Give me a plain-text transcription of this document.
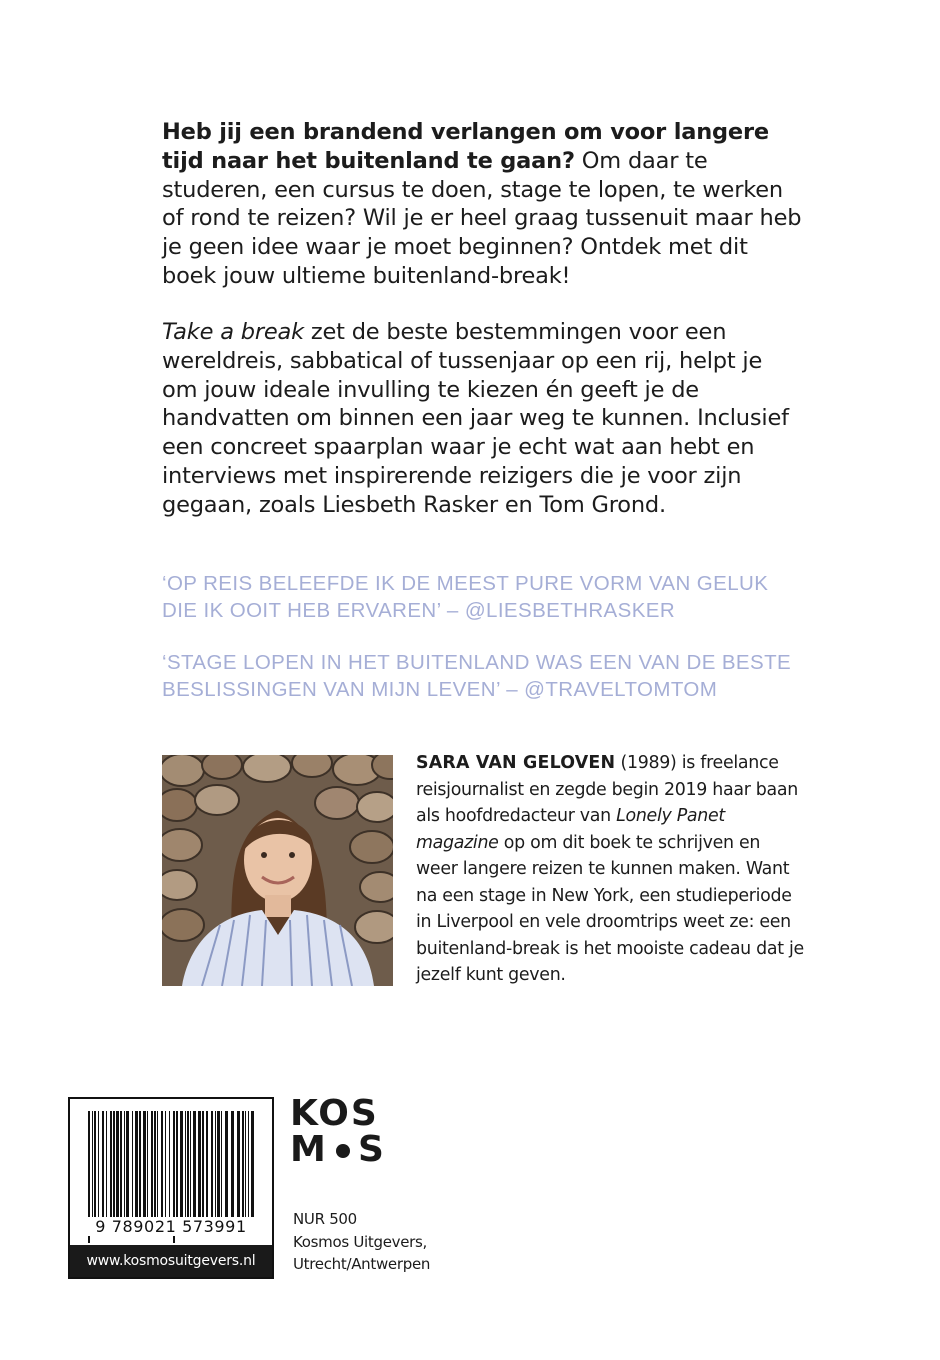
Heb jij een brandend verlangen om voor langere tijd naar het buitenland te gaan? Om daar te studeren, een cursus te doen, stage te lopen, te werken of rond te reizen? Wil je er heel graag tussenuit maar heb je geen idee waar je moet beginnen? Ontdek met dit boek jouw ultieme buitenland-break!

Take a break zet de beste bestemmingen voor een wereldreis, sabbatical of tussenjaar op een rij, helpt je om jouw ideale invulling te kiezen én geeft je de handvatten om binnen een jaar weg te kunnen. Inclusief een concreet spaarplan waar je echt wat aan hebt en interviews met inspirerende reizigers die je voor zijn gegaan, zoals Liesbeth Rasker en Tom Grond.

‘OP REIS BELEEFDE IK DE MEEST PURE VORM VAN GELUK DIE IK OOIT HEB ERVAREN’ – @LIESBETHRASKER

‘STAGE LOPEN IN HET BUITENLAND WAS EEN VAN DE BESTE BESLISSINGEN VAN MIJN LEVEN’ – @TRAVELTOMTOM

SARA VAN GELOVEN (1989) is freelance reisjournalist en zegde begin 2019 haar baan als hoofdredacteur van Lonely Panet magazine op om dit boek te schrijven en weer langere reizen te kunnen maken. Want na een stage in New York, een studieperiode in Liverpool en vele droomtrips weet ze: een buitenland-break is het mooiste cadeau dat je jezelf kunt geven.

9 789021 573991
www.kosmosuitgevers.nl
KOS
M S

NUR 500
Kosmos Uitgevers,
Utrecht/Antwerpen
